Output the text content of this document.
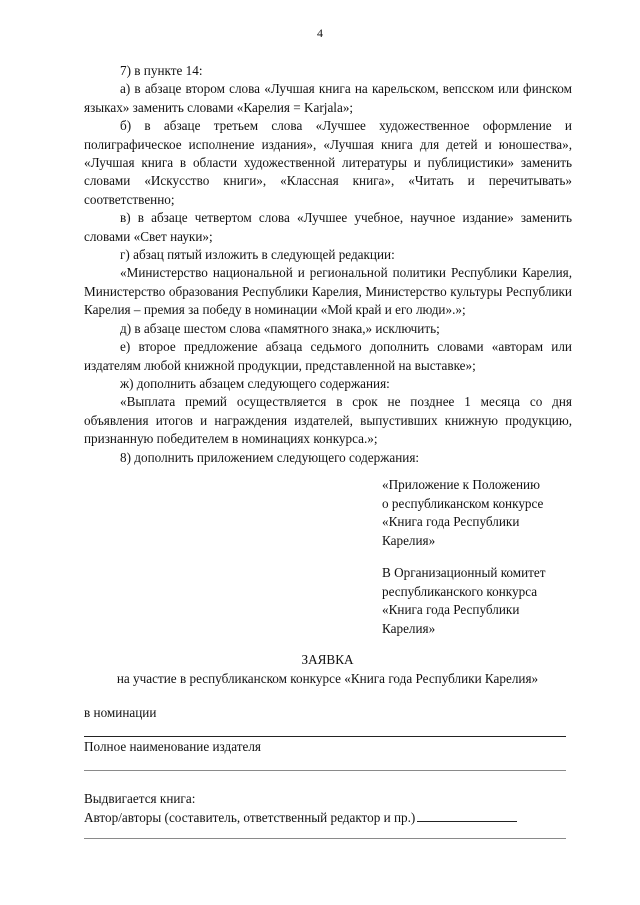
4

7) в пункте 14:

а) в абзаце втором слова «Лучшая книга на карельском, вепсском или финском языках» заменить словами «Карелия = Karjala»;

б) в абзаце третьем слова «Лучшее художественное оформление и полиграфическое исполнение издания», «Лучшая книга для детей и юношества», «Лучшая книга в области художественной литературы и публицистики» заменить словами «Искусство книги», «Классная книга», «Читать и перечитывать» соответственно;

в) в абзаце четвертом слова «Лучшее учебное, научное издание» заменить словами «Свет науки»;

г) абзац пятый изложить в следующей редакции:

«Министерство национальной и региональной политики Республики Карелия, Министерство образования Республики Карелия, Министерство культуры Республики Карелия – премия за победу в номинации «Мой край и его люди».»;

д) в абзаце шестом слова «памятного знака,» исключить;

е) второе предложение абзаца седьмого дополнить словами «авторам или издателям любой книжной продукции, представленной на выставке»;

ж) дополнить абзацем следующего содержания:

«Выплата премий осуществляется в срок не позднее 1 месяца со дня объявления итогов и награждения издателей, выпустивших книжную продукцию, признанную победителем в номинациях конкурса.»;

8) дополнить приложением следующего содержания:

«Приложение к Положению

о республиканском конкурсе

«Книга года Республики

Карелия»

В Организационный комитет

республиканского конкурса

«Книга года Республики

Карелия»

ЗАЯВКА
на участие в республиканском конкурсе «Книга года Республики Карелия»
в номинации
Полное наименование издателя
Выдвигается книга:
Автор/авторы (составитель, ответственный редактор и пр.)
